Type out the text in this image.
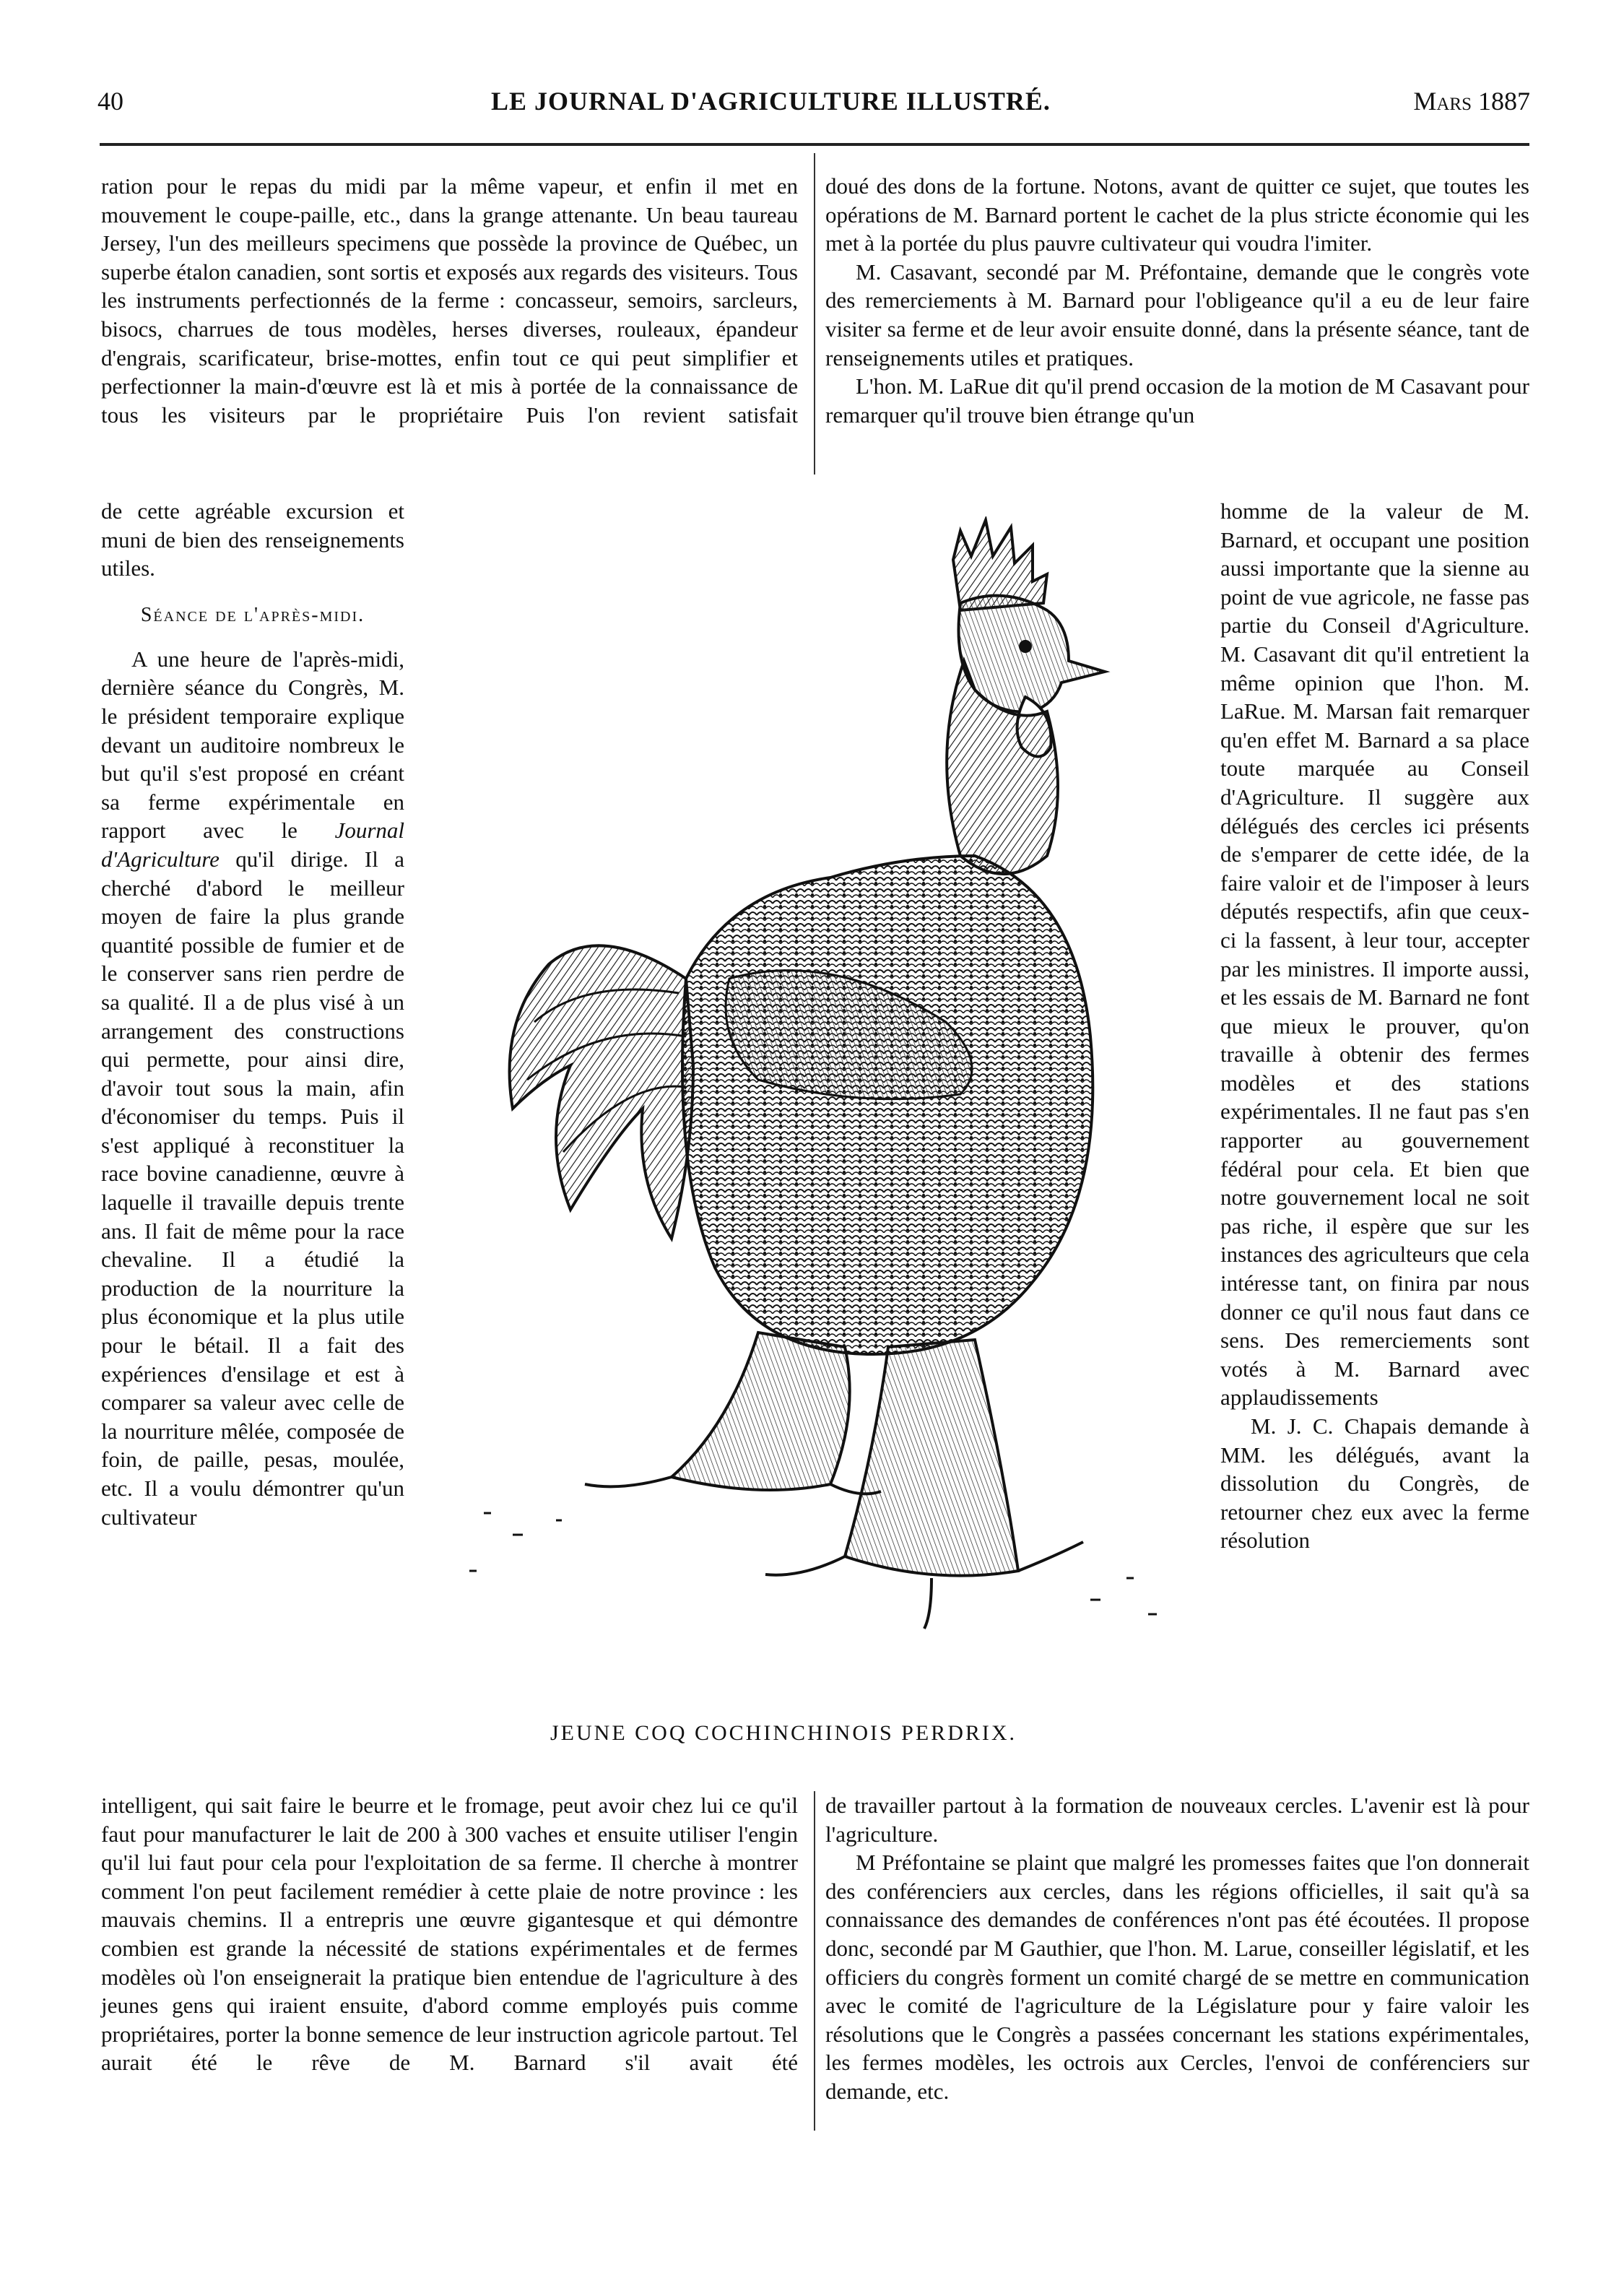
40	LE JOURNAL D'AGRICULTURE ILLUSTRÉ.	Mars 1887

ration pour le repas du midi par la même vapeur, et enfin il met en mouvement le coupe-paille, etc., dans la grange attenante. Un beau taureau Jersey, l'un des meilleurs specimens que possède la province de Québec, un superbe étalon canadien, sont sortis et exposés aux regards des visiteurs. Tous les instruments perfectionnés de la ferme : concasseur, semoirs, sarcleurs, bisocs, charrues de tous modèles, herses diverses, rouleaux, épandeur d'engrais, scarificateur, brise-mottes, enfin tout ce qui peut simplifier et perfectionner la main-d'œuvre est là et mis à portée de la connaissance de tous les visiteurs par le propriétaire Puis l'on revient satisfait

de cette agréable excursion et muni de bien des renseignements utiles.

Séance de l'après-midi.

A une heure de l'après-midi, dernière séance du Congrès, M. le président temporaire explique devant un auditoire nombreux le but qu'il s'est proposé en créant sa ferme expérimentale en rapport avec le Journal d'Agriculture qu'il dirige. Il a cherché d'abord le meilleur moyen de faire la plus grande quantité possible de fumier et de le conserver sans rien perdre de sa qualité. Il a de plus visé à un arrangement des constructions qui permette, pour ainsi dire, d'avoir tout sous la main, afin d'économiser du temps. Puis il s'est appliqué à reconstituer la race bovine canadienne, œuvre à laquelle il travaille depuis trente ans. Il fait de même pour la race chevaline. Il a étudié la production de la nourriture la plus économique et la plus utile pour le bétail. Il a fait des expériences d'ensilage et est à comparer sa valeur avec celle de la nourriture mêlée, composée de foin, de paille, pesas, moulée, etc. Il a voulu démontrer qu'un cultivateur

intelligent, qui sait faire le beurre et le fromage, peut avoir chez lui ce qu'il faut pour manufacturer le lait de 200 à 300 vaches et ensuite utiliser l'engin qu'il lui faut pour cela pour l'exploitation de sa ferme. Il cherche à montrer comment l'on peut facilement remédier à cette plaie de notre province : les mauvais chemins. Il a entrepris une œuvre gigantesque et qui démontre combien est grande la nécessité de stations expérimentales et de fermes modèles où l'on enseignerait la pratique bien entendue de l'agriculture à des jeunes gens qui iraient ensuite, d'abord comme employés puis comme propriétaires, porter la bonne semence de leur instruction agricole partout. Tel aurait été le rêve de M. Barnard s'il avait été

doué des dons de la fortune. Notons, avant de quitter ce sujet, que toutes les opérations de M. Barnard portent le cachet de la plus stricte économie qui les met à la portée du plus pauvre cultivateur qui voudra l'imiter.

M. Casavant, secondé par M. Préfontaine, demande que le congrès vote des remerciements à M. Barnard pour l'obligeance qu'il a eu de leur faire visiter sa ferme et de leur avoir ensuite donné, dans la présente séance, tant de renseignements utiles et pratiques.

L'hon. M. LaRue dit qu'il prend occasion de la motion de M Casavant pour remarquer qu'il trouve bien étrange qu'un

homme de la valeur de M. Barnard, et occupant une position aussi importante que la sienne au point de vue agricole, ne fasse pas partie du Conseil d'Agriculture. M. Casavant dit qu'il entretient la même opinion que l'hon. M. LaRue. M. Marsan fait remarquer qu'en effet M. Barnard a sa place toute marquée au Conseil d'Agriculture. Il suggère aux délégués des cercles ici présents de s'emparer de cette idée, de la faire valoir et de l'imposer à leurs députés respectifs, afin que ceux-ci la fassent, à leur tour, accepter par les ministres. Il importe aussi, et les essais de M. Barnard ne font que mieux le prouver, qu'on travaille à obtenir des fermes modèles et des stations expérimentales. Il ne faut pas s'en rapporter au gouvernement fédéral pour cela. Et bien que notre gouvernement local ne soit pas riche, il espère que sur les instances des agriculteurs que cela intéresse tant, on finira par nous donner ce qu'il nous faut dans ce sens. Des remerciements sont votés à M. Barnard avec applaudissements

M. J. C. Chapais demande à MM. les délégués, avant la dissolution du Congrès, de retourner chez eux avec la ferme résolution

de travailler partout à la formation de nouveaux cercles. L'avenir est là pour l'agriculture.

M Préfontaine se plaint que malgré les promesses faites que l'on donnerait des conférenciers aux cercles, dans les régions officielles, il sait qu'à sa connaissance des demandes de conférences n'ont pas été écoutées. Il propose donc, secondé par M Gauthier, que l'hon. M. Larue, conseiller législatif, et les officiers du congrès forment un comité chargé de se mettre en communication avec le comité de l'agriculture de la Législature pour y faire valoir les résolutions que le Congrès a passées concernant les stations expérimentales, les fermes modèles, les octrois aux Cercles, l'envoi de conférenciers sur demande, etc.

JEUNE COQ COCHINCHINOIS PERDRIX.
